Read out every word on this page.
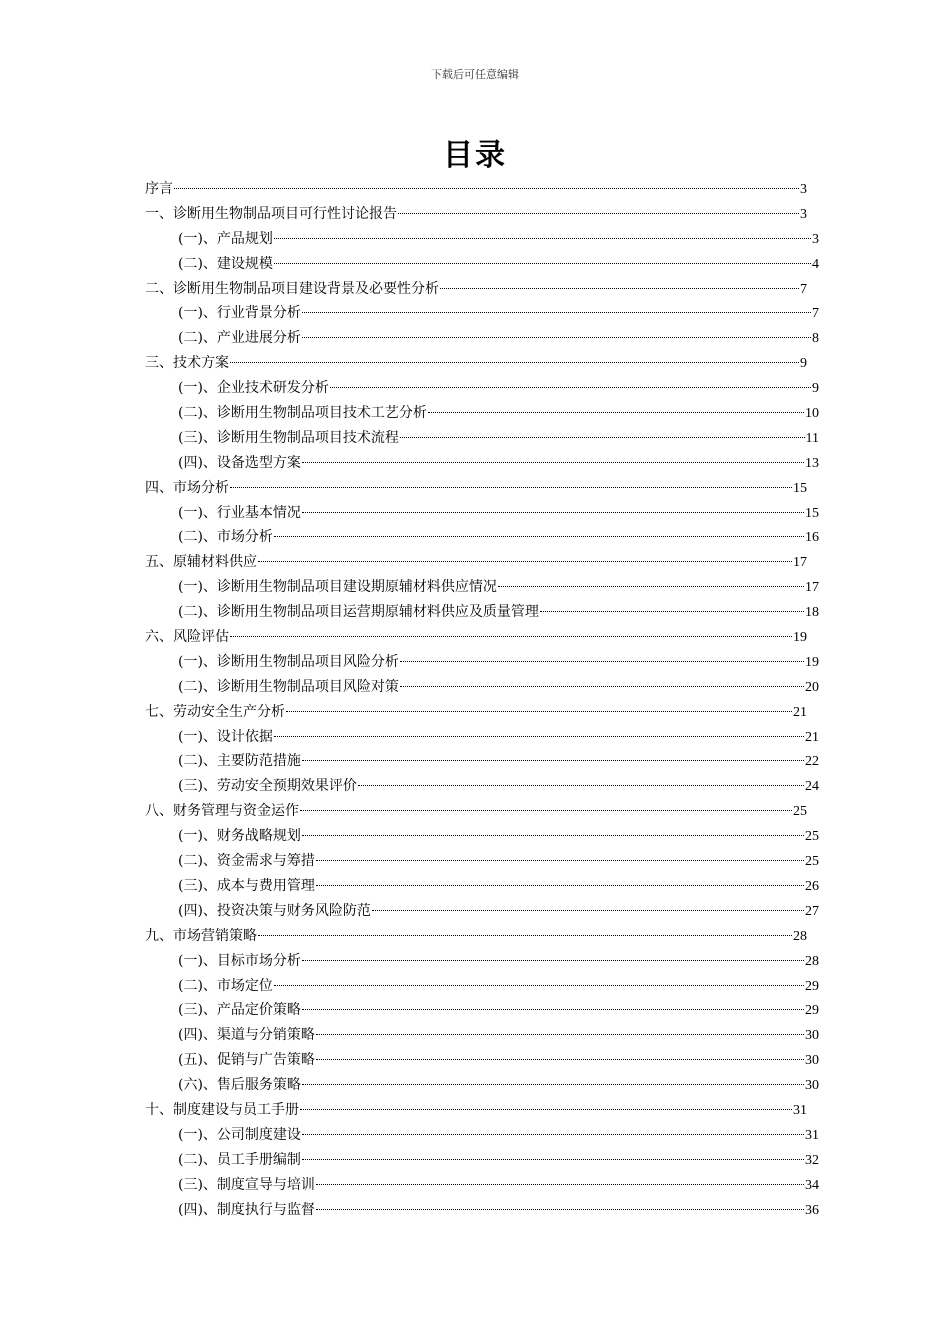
下载后可任意编辑
目录
序言	3
一、诊断用生物制品项目可行性讨论报告	3
(一)、产品规划	3
(二)、建设规模	4
二、诊断用生物制品项目建设背景及必要性分析	7
(一)、行业背景分析	7
(二)、产业进展分析	8
三、技术方案	9
(一)、企业技术研发分析	9
(二)、诊断用生物制品项目技术工艺分析	10
(三)、诊断用生物制品项目技术流程	11
(四)、设备选型方案	13
四、市场分析	15
(一)、行业基本情况	15
(二)、市场分析	16
五、原辅材料供应	17
(一)、诊断用生物制品项目建设期原辅材料供应情况	17
(二)、诊断用生物制品项目运营期原辅材料供应及质量管理	18
六、风险评估	19
(一)、诊断用生物制品项目风险分析	19
(二)、诊断用生物制品项目风险对策	20
七、劳动安全生产分析	21
(一)、设计依据	21
(二)、主要防范措施	22
(三)、劳动安全预期效果评价	24
八、财务管理与资金运作	25
(一)、财务战略规划	25
(二)、资金需求与筹措	25
(三)、成本与费用管理	26
(四)、投资决策与财务风险防范	27
九、市场营销策略	28
(一)、目标市场分析	28
(二)、市场定位	29
(三)、产品定价策略	29
(四)、渠道与分销策略	30
(五)、促销与广告策略	30
(六)、售后服务策略	30
十、制度建设与员工手册	31
(一)、公司制度建设	31
(二)、员工手册编制	32
(三)、制度宣导与培训	34
(四)、制度执行与监督	36
